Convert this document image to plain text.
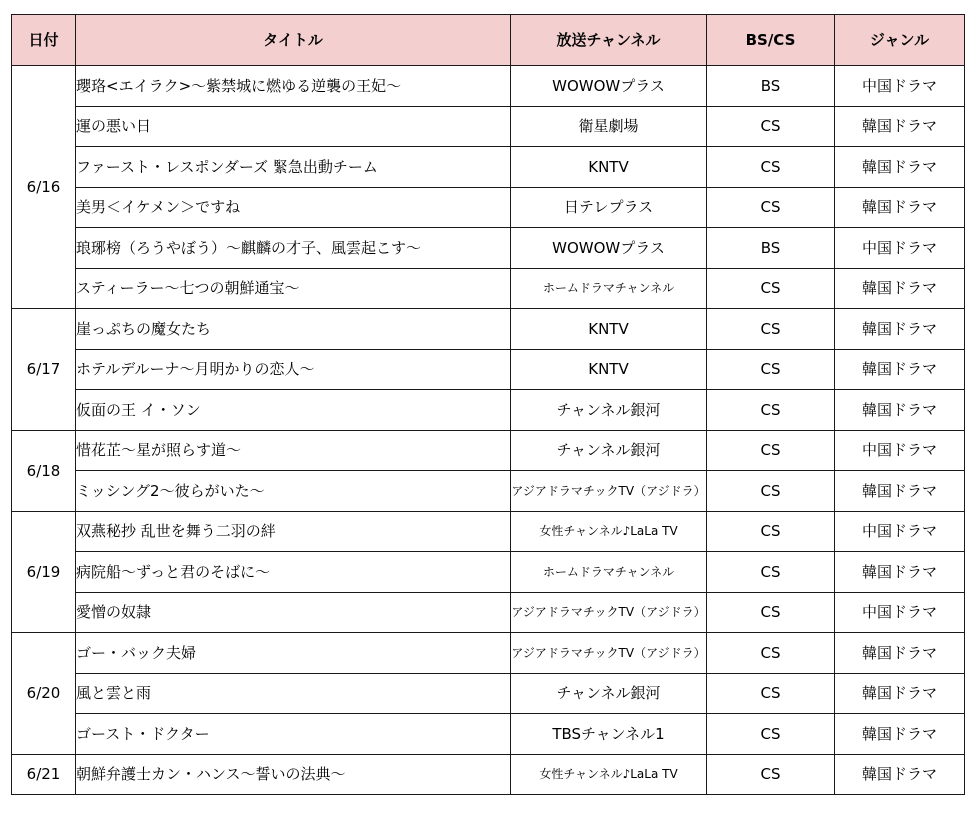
日付	タイトル	放送チャンネル	BS/CS	ジャンル
6/16	瓔珞<エイラク>～紫禁城に燃ゆる逆襲の王妃～	WOWOWプラス	BS	中国ドラマ
	運の悪い日	衛星劇場	CS	韓国ドラマ
	ファースト・レスポンダーズ 緊急出動チーム	KNTV	CS	韓国ドラマ
	美男＜イケメン＞ですね	日テレプラス	CS	韓国ドラマ
	琅琊榜（ろうやぼう）～麒麟の才子、風雲起こす～	WOWOWプラス	BS	中国ドラマ
	スティーラー～七つの朝鮮通宝～	ホームドラマチャンネル	CS	韓国ドラマ
6/17	崖っぷちの魔女たち	KNTV	CS	韓国ドラマ
	ホテルデルーナ～月明かりの恋人～	KNTV	CS	韓国ドラマ
	仮面の王 イ・ソン	チャンネル銀河	CS	韓国ドラマ
6/18	惜花芷～星が照らす道～	チャンネル銀河	CS	中国ドラマ
	ミッシング2～彼らがいた～	アジアドラマチックTV（アジドラ）	CS	韓国ドラマ
6/19	双燕秘抄 乱世を舞う二羽の絆	女性チャンネル♪LaLa TV	CS	中国ドラマ
	病院船～ずっと君のそばに～	ホームドラマチャンネル	CS	韓国ドラマ
	愛憎の奴隷	アジアドラマチックTV（アジドラ）	CS	中国ドラマ
6/20	ゴー・バック夫婦	アジアドラマチックTV（アジドラ）	CS	韓国ドラマ
	風と雲と雨	チャンネル銀河	CS	韓国ドラマ
	ゴースト・ドクター	TBSチャンネル1	CS	韓国ドラマ
6/21	朝鮮弁護士カン・ハンス～誓いの法典～	女性チャンネル♪LaLa TV	CS	韓国ドラマ
